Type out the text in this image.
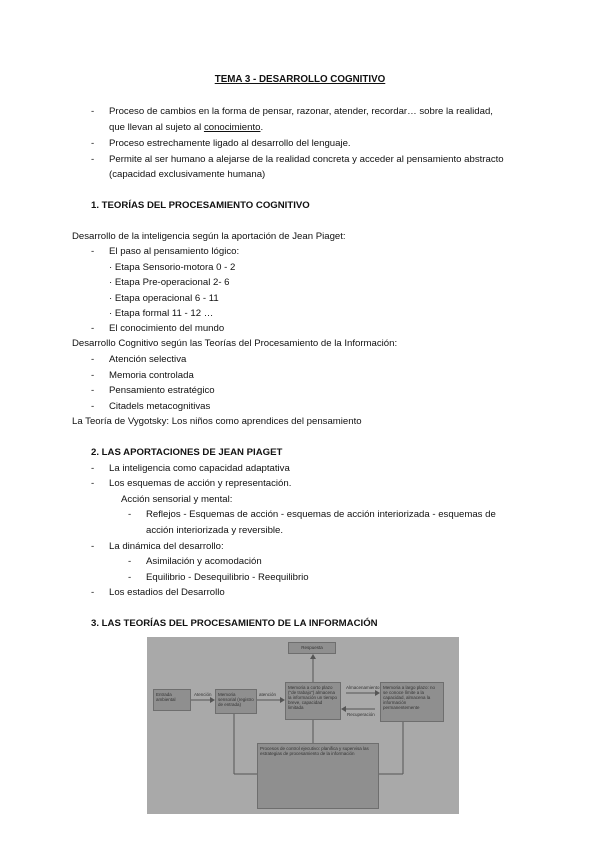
TEMA 3 - DESARROLLO COGNITIVO
- Proceso de cambios en la forma de pensar, razonar, atender, recordar… sobre la realidad,
que llevan al sujeto al conocimiento.
- Proceso estrechamente ligado al desarrollo del lenguaje.
- Permite al ser humano a alejarse de la realidad concreta y acceder al pensamiento abstracto
(capacidad exclusivamente humana)
1. TEORÍAS DEL PROCESAMIENTO COGNITIVO
Desarrollo de la inteligencia según la aportación de Jean Piaget:
- El paso al pensamiento lógico:
· Etapa Sensorio-motora 0 - 2
· Etapa Pre-operacional 2- 6
· Etapa operacional 6 - 11
· Etapa formal 11 - 12 …
- El conocimiento del mundo
Desarrollo Cognitivo según las Teorías del Procesamiento de la Información:
- Atención selectiva
- Memoria controlada
- Pensamiento estratégico
- Citadels metacognitivas
La Teoría de Vygotsky: Los niños como aprendices del pensamiento
2. LAS APORTACIONES DE JEAN PIAGET
- La inteligencia como capacidad adaptativa
- Los esquemas de acción y representación.
Acción sensorial y mental:
- Reflejos - Esquemas de acción - esquemas de acción interiorizada - esquemas de
acción interiorizada y reversible.
- La dinámica del desarrollo:
- Asimilación y acomodación
- Equilibrio - Desequilibrio - Reequilibrio
- Los estadios del Desarrollo
3. LAS TEORÍAS DEL PROCESAMIENTO DE LA INFORMACIÓN
Respuesta
Entrada ambiental
Memoria sensorial (registro de entrada)
Memoria a corto plazo ("de trabajo") almacena la información un tiempo breve, capacidad limitada
Memoria a largo plazo: no se conoce límite a la capacidad, almacena la información permanentemente
Procesos de control ejecutivo: planifica y supervisa las estrategias de procesamiento de la información
Atención	atención
Almacenamiento
Recuperación
